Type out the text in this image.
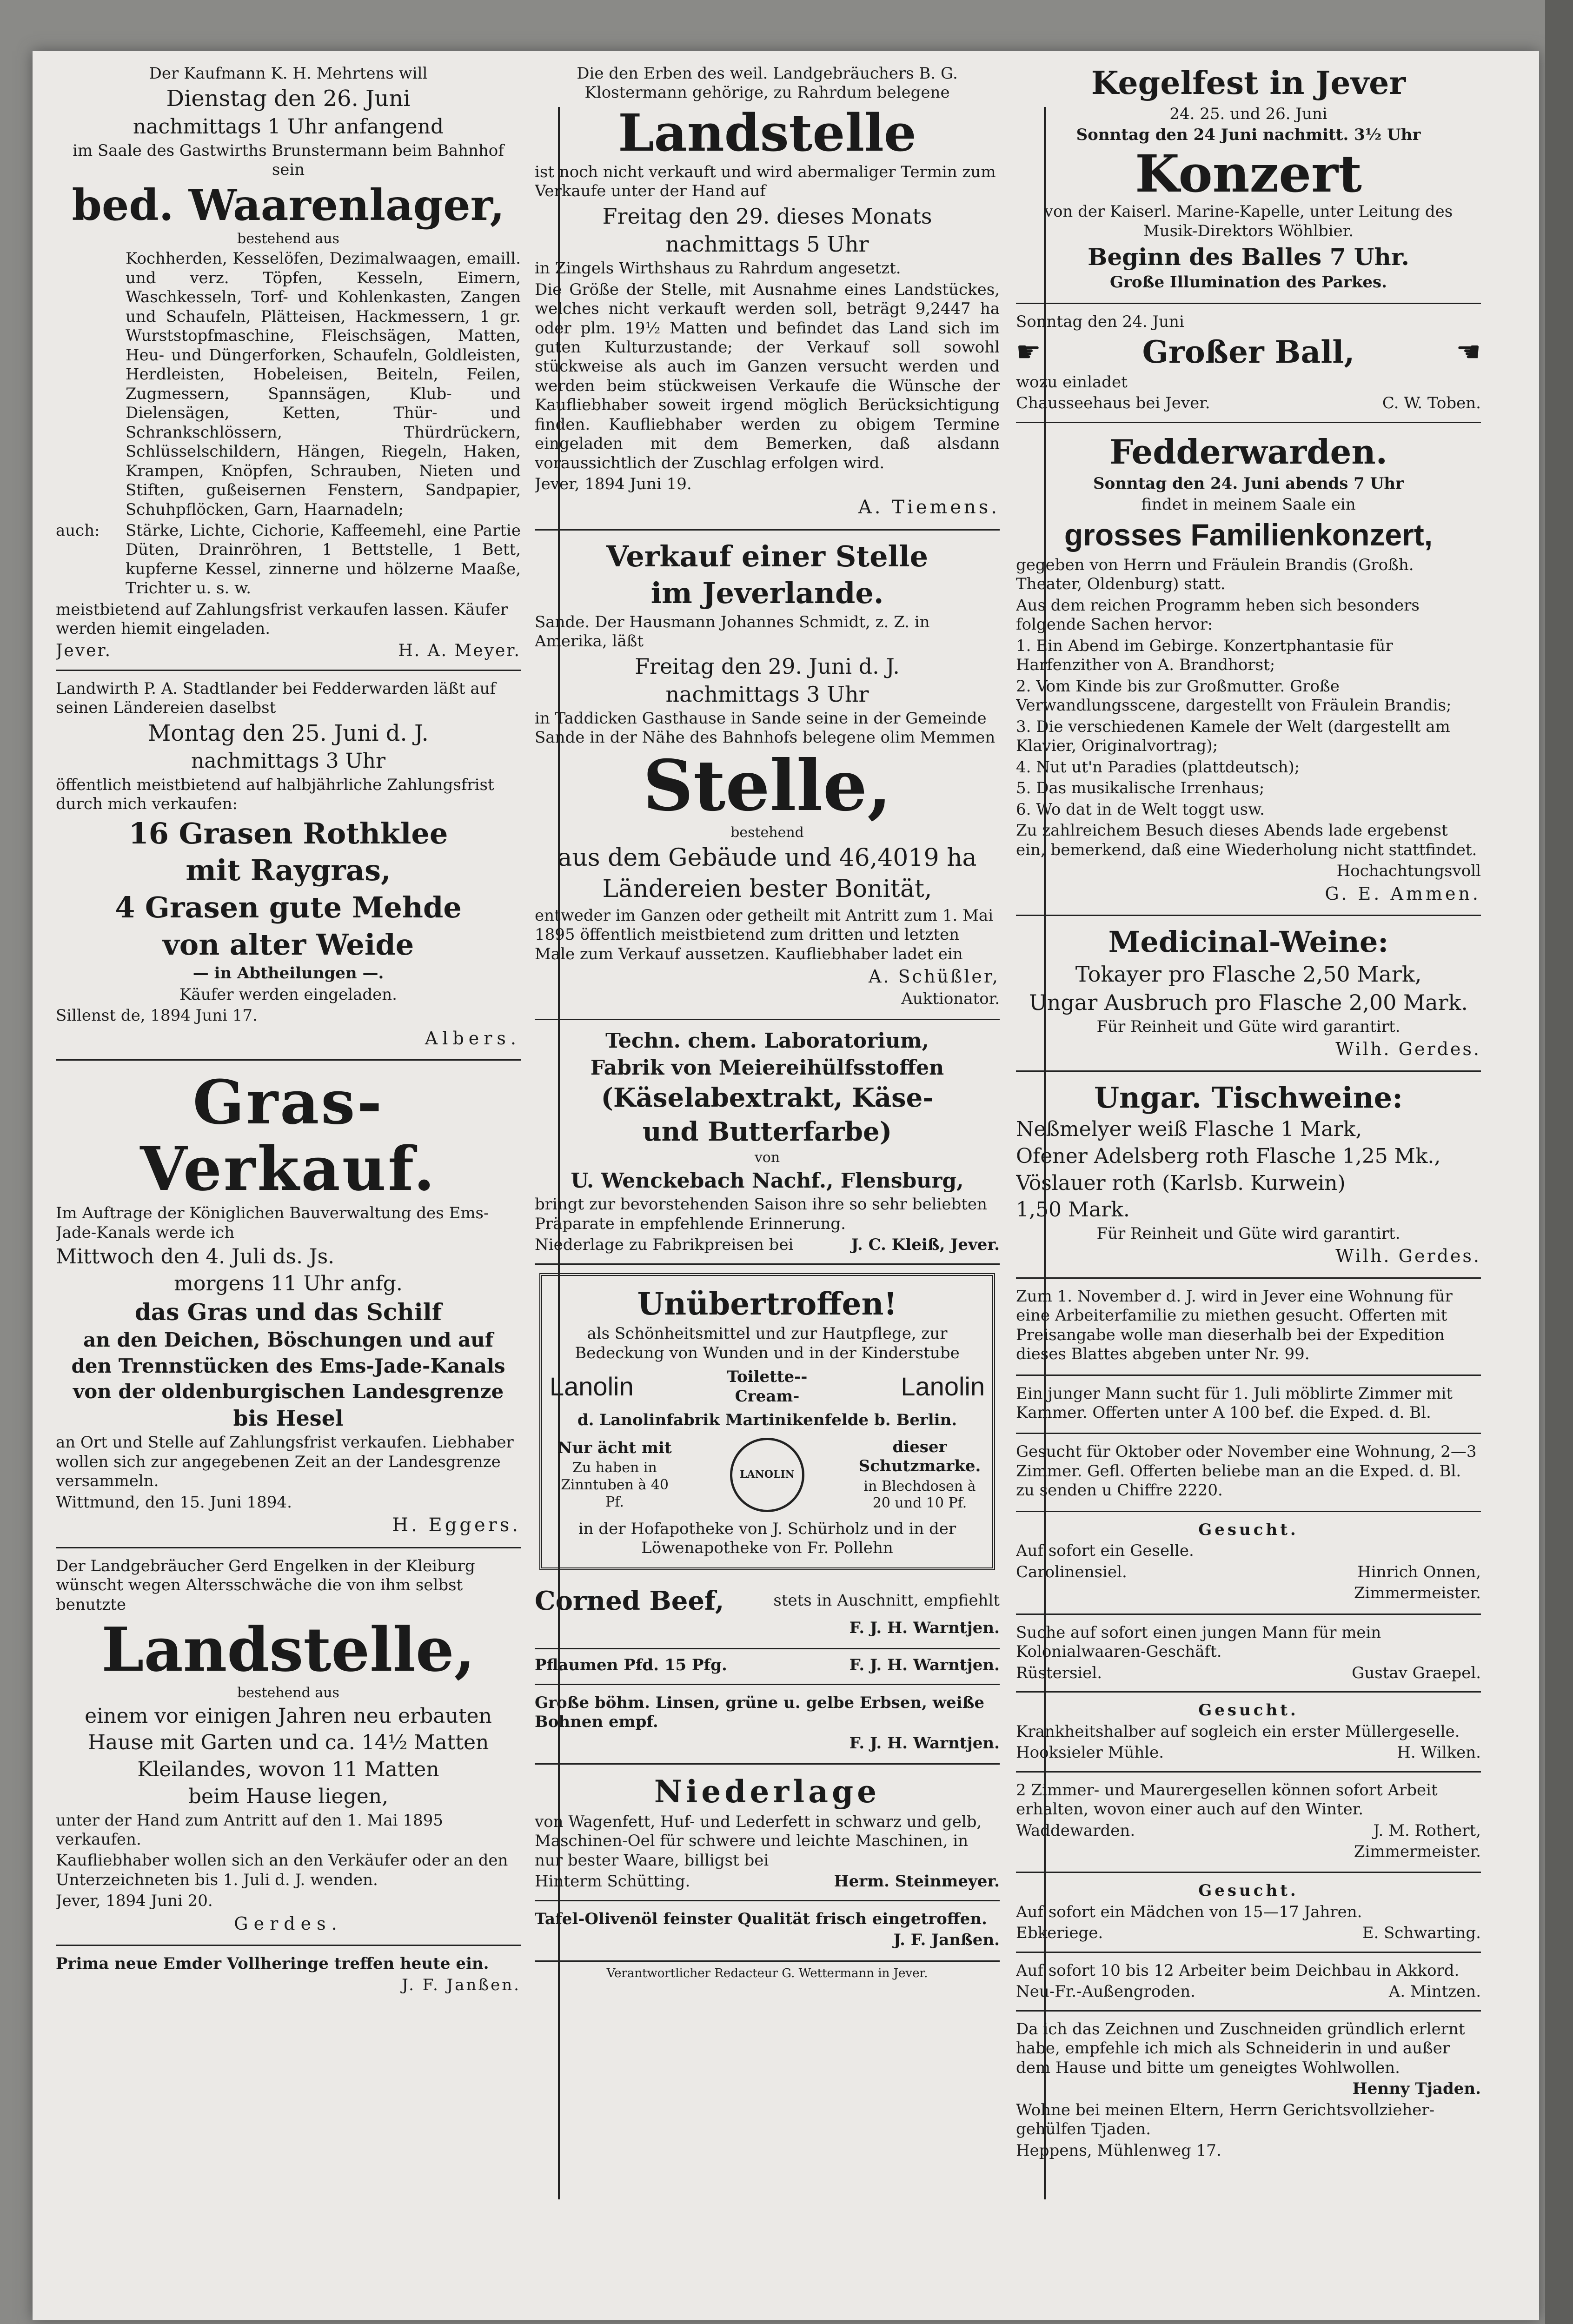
Der Kaufmann K. H. Mehrtens will

Dienstag den 26. Juni

nachmittags 1 Uhr anfangend

im Saale des Gastwirths Brunstermann beim Bahnhof sein

bed. Waarenlager,

bestehend aus

Kochherden, Kesselöfen, Dezimalwaagen, emaill. und verz. Töpfen, Kesseln, Eimern, Waschkesseln, Torf- und Kohlenkasten, Zangen und Schaufeln, Plätteisen, Hackmessern, 1 gr. Wurststopfmaschine, Fleischsägen, Matten, Heu- und Düngerforken, Schaufeln, Goldleisten, Herdleisten, Hobeleisen, Beiteln, Feilen, Zugmessern, Spannsägen, Klub- und Dielensägen, Ketten, Thür- und Schrankschlössern, Thürdrückern, Schlüsselschildern, Hängen, Riegeln, Haken, Krampen, Knöpfen, Schrauben, Nieten und Stiften, gußeisernen Fenstern, Sandpapier, Schuhpflöcken, Garn, Haarnadeln;

auch:	Stärke, Lichte, Cichorie, Kaffeemehl, eine Partie Düten, Drainröhren, 1 Bettstelle, 1 Bett, kupferne Kessel, zinnerne und hölzerne Maaße, Trichter u. s. w.

meistbietend auf Zahlungsfrist verkaufen lassen. Käufer werden hiemit eingeladen.

Jever.	H. A. Meyer.

Landwirth P. A. Stadtlander bei Fedderwarden läßt auf seinen Ländereien daselbst

Montag den 25. Juni d. J.

nachmittags 3 Uhr

öffentlich meistbietend auf halbjährliche Zahlungsfrist durch mich verkaufen:

16 Grasen Rothklee

mit Raygras,

4 Grasen gute Mehde

von alter Weide

— in Abtheilungen —.

Käufer werden eingeladen.

Sillenst de, 1894 Juni 17.

Albers.

Gras-Verkauf.

Im Auftrage der Königlichen Bauverwaltung des Ems-Jade-Kanals werde ich

Mittwoch den 4. Juli ds. Js.

morgens 11 Uhr anfg.

das Gras und das Schilf

an den Deichen, Böschungen und auf

den Trennstücken des Ems-Jade-Kanals

von der oldenburgischen Landesgrenze

bis Hesel

an Ort und Stelle auf Zahlungsfrist verkaufen. Liebhaber wollen sich zur angegebenen Zeit an der Landesgrenze versammeln.

Wittmund, den 15. Juni 1894.

H. Eggers.

Der Landgebräucher Gerd Engelken in der Kleiburg wünscht wegen Altersschwäche die von ihm selbst benutzte

Landstelle,

bestehend aus

einem vor einigen Jahren neu erbauten

Hause mit Garten und ca. 14½ Matten

Kleilandes, wovon 11 Matten

beim Hause liegen,

unter der Hand zum Antritt auf den 1. Mai 1895 verkaufen.

Kaufliebhaber wollen sich an den Verkäufer oder an den Unterzeichneten bis 1. Juli d. J. wenden.

Jever, 1894 Juni 20.

Gerdes.

Prima neue Emder Vollheringe treffen heute ein.

J. F. Janßen.

Die den Erben des weil. Landgebräuchers B. G. Klostermann gehörige, zu Rahrdum belegene

Landstelle

ist noch nicht verkauft und wird abermaliger Termin zum Verkaufe unter der Hand auf

Freitag den 29. dieses Monats

nachmittags 5 Uhr

in Zingels Wirthshaus zu Rahrdum angesetzt.

Die Größe der Stelle, mit Ausnahme eines Landstückes, welches nicht verkauft werden soll, beträgt 9,2447 ha oder plm. 19½ Matten und befindet das Land sich im guten Kulturzustande; der Verkauf soll sowohl stückweise als auch im Ganzen versucht werden und werden beim stückweisen Verkaufe die Wünsche der Kaufliebhaber soweit irgend möglich Berücksichtigung finden. Kaufliebhaber werden zu obigem Termine eingeladen mit dem Bemerken, daß alsdann voraussichtlich der Zuschlag erfolgen wird.

Jever, 1894 Juni 19.

A. Tiemens.

Verkauf einer Stelle

im Jeverlande.

Sande. Der Hausmann Johannes Schmidt, z. Z. in Amerika, läßt

Freitag den 29. Juni d. J.

nachmittags 3 Uhr

in Taddicken Gasthause in Sande seine in der Gemeinde Sande in der Nähe des Bahnhofs belegene olim Memmen

Stelle,

bestehend

aus dem Gebäude und 46,4019 ha

Ländereien bester Bonität,

entweder im Ganzen oder getheilt mit Antritt zum 1. Mai 1895 öffentlich meistbietend zum dritten und letzten Male zum Verkauf aussetzen. Kaufliebhaber ladet ein

A. Schüßler,

Auktionator.

Techn. chem. Laboratorium,

Fabrik von Meiereihülfsstoffen

(Käselabextrakt, Käse-

und Butterfarbe)

von

U. Wenckebach Nachf., Flensburg,

bringt zur bevorstehenden Saison ihre so sehr beliebten Präparate in empfehlende Erinnerung.

Niederlage zu Fabrikpreisen bei	J. C. Kleiß, Jever.

Unübertroffen!

als Schönheitsmittel und zur Hautpflege, zur Bedeckung von Wunden und in der Kinderstube

Lanolin	Toilette--Cream-	Lanolin

d. Lanolinfabrik Martinikenfelde b. Berlin.

Nur ächt mit

Zu haben in Zinntuben à 40 Pf.

LANOLIN

dieser Schutzmarke.

in Blechdosen à 20 und 10 Pf.

in der Hofapotheke von J. Schürholz und in der Löwenapotheke von Fr. Pollehn

Corned Beef,	stets in Auschnitt, empfiehlt

F. J. H. Warntjen.

Pflaumen Pfd. 15 Pfg.	F. J. H. Warntjen.

Große böhm. Linsen, grüne u. gelbe Erbsen, weiße Bohnen empf.

F. J. H. Warntjen.

Niederlage

von Wagenfett, Huf- und Lederfett in schwarz und gelb, Maschinen-Oel für schwere und leichte Maschinen, in nur bester Waare, billigst bei

Hinterm Schütting.	Herm. Steinmeyer.

Tafel-Olivenöl feinster Qualität frisch eingetroffen.

J. F. Janßen.

Verantwortlicher Redacteur G. Wettermann in Jever.

Kegelfest in Jever

24. 25. und 26. Juni

Sonntag den 24 Juni nachmitt. 3½ Uhr

Konzert

von der Kaiserl. Marine-Kapelle, unter Leitung des Musik-Direktors Wöhlbier.

Beginn des Balles 7 Uhr.

Große Illumination des Parkes.

Sonntag den 24. Juni

☛	Großer Ball,	☚

wozu einladet

Chausseehaus bei Jever.	C. W. Toben.

Fedderwarden.

Sonntag den 24. Juni abends 7 Uhr

findet in meinem Saale ein

grosses Familienkonzert,

gegeben von Herrn und Fräulein Brandis (Großh. Theater, Oldenburg) statt.

Aus dem reichen Programm heben sich besonders folgende Sachen hervor:

1. Ein Abend im Gebirge. Konzertphantasie für Harfenzither von A. Brandhorst;

2. Vom Kinde bis zur Großmutter. Große Verwandlungsscene, dargestellt von Fräulein Brandis;

3. Die verschiedenen Kamele der Welt (dargestellt am Klavier, Originalvortrag);

4. Nut ut'n Paradies (plattdeutsch);

5. Das musikalische Irrenhaus;

6. Wo dat in de Welt toggt usw.

Zu zahlreichem Besuch dieses Abends lade ergebenst ein, bemerkend, daß eine Wiederholung nicht stattfindet.

Hochachtungsvoll

G. E. Ammen.

Medicinal-Weine:

Tokayer pro Flasche 2,50 Mark,

Ungar Ausbruch pro Flasche 2,00 Mark.

Für Reinheit und Güte wird garantirt.

Wilh. Gerdes.

Ungar. Tischweine:

Neßmelyer weiß Flasche 1 Mark,

Ofener Adelsberg roth Flasche 1,25 Mk.,

Vöslauer roth (Karlsb. Kurwein)

1,50 Mark.

Für Reinheit und Güte wird garantirt.

Wilh. Gerdes.

Zum 1. November d. J. wird in Jever eine Wohnung für eine Arbeiterfamilie zu miethen gesucht. Offerten mit Preisangabe wolle man dieserhalb bei der Expedition dieses Blattes abgeben unter Nr. 99.

Ein junger Mann sucht für 1. Juli möblirte Zimmer mit Kammer. Offerten unter A 100 bef. die Exped. d. Bl.

Gesucht für Oktober oder November eine Wohnung, 2—3 Zimmer. Gefl. Offerten beliebe man an die Exped. d. Bl. zu senden u Chiffre 2220.

Gesucht.

Auf sofort ein Geselle.

Carolinensiel.	Hinrich Onnen,

Zimmermeister.

Suche auf sofort einen jungen Mann für mein Kolonialwaaren-Geschäft.

Rüstersiel.	Gustav Graepel.

Gesucht.

Krankheitshalber auf sogleich ein erster Müllergeselle.

Hooksieler Mühle.	H. Wilken.

2 Zimmer- und Maurergesellen können sofort Arbeit erhalten, wovon einer auch auf den Winter.

Waddewarden.	J. M. Rothert,

Zimmermeister.

Gesucht.

Auf sofort ein Mädchen von 15—17 Jahren.

Ebkeriege.	E. Schwarting.

Auf sofort 10 bis 12 Arbeiter beim Deichbau in Akkord.

Neu-Fr.-Außengroden.	A. Mintzen.

Da ich das Zeichnen und Zuschneiden gründlich erlernt habe, empfehle ich mich als Schneiderin in und außer dem Hause und bitte um geneigtes Wohlwollen.

Henny Tjaden.

Wohne bei meinen Eltern, Herrn Gerichtsvollzieher-gehülfen Tjaden.

Heppens, Mühlenweg 17.
